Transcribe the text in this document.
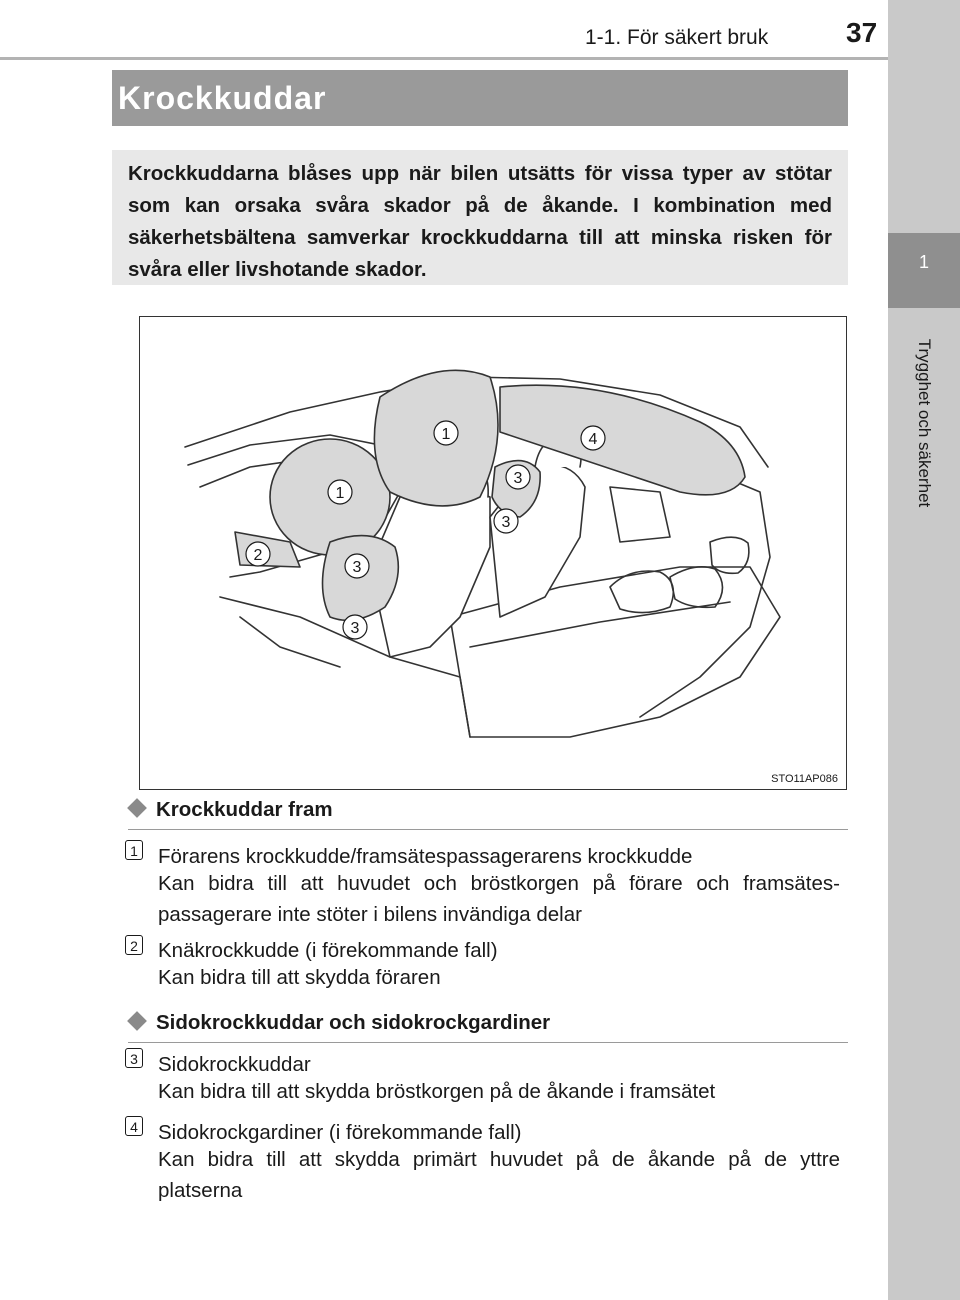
1-1. För säkert bruk	37
1
Trygghet och säkerhet
Krockkuddar
Krockkuddarna blåses upp när bilen utsätts för vissa typer av stötar som kan orsaka svåra skador på de åkande. I kombination med säkerhetsbältena samverkar krockkuddarna till att minska risken för svåra eller livshotande skador.
1
1
2
3
3
3
3
4
STO11AP086
Krockkuddar fram
1 Förarens krockkudde/framsätespassagerarens krockkudde
Kan bidra till att huvudet och bröstkorgen på förare och framsätes-passagerare inte stöter i bilens invändiga delar
2 Knäkrockkudde (i förekommande fall)
Kan bidra till att skydda föraren
Sidokrockkuddar och sidokrockgardiner
3 Sidokrockkuddar
Kan bidra till att skydda bröstkorgen på de åkande i framsätet
4 Sidokrockgardiner (i förekommande fall)
Kan bidra till att skydda primärt huvudet på de åkande på de yttre platserna
